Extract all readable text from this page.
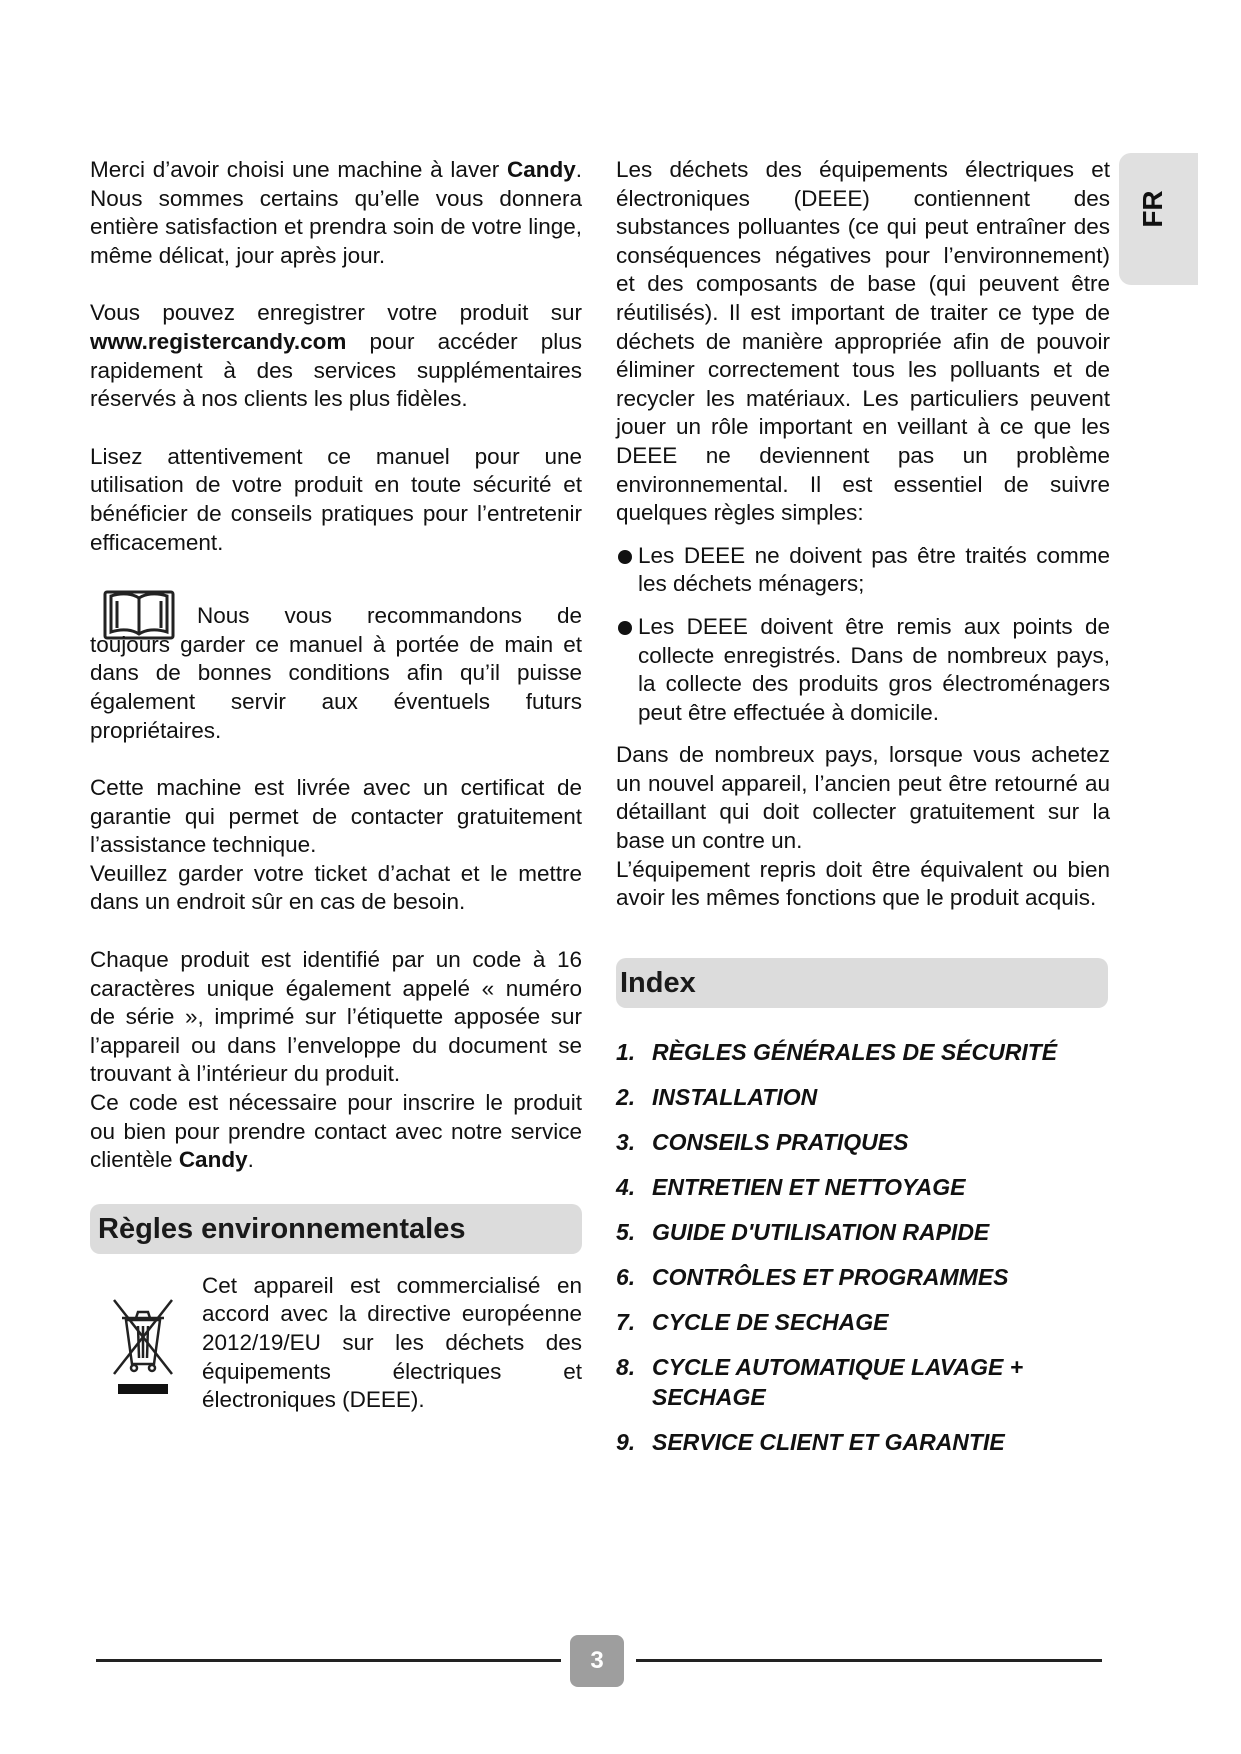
FR

Merci d’avoir choisi une machine à laver Candy. Nous sommes certains qu’elle vous donnera entière satisfaction et prendra soin de votre linge, même délicat, jour après jour.

Vous pouvez enregistrer votre produit sur www.registercandy.com pour accéder plus rapidement à des services supplémentaires réservés à nos clients les plus fidèles.

Lisez attentivement ce manuel pour une utilisation de votre produit en toute sécurité et bénéficier de conseils pratiques pour l’entretenir efficacement.

Nous vous recommandons de toujours garder ce manuel à portée de main et dans de bonnes conditions afin qu’il puisse également servir aux éventuels futurs propriétaires.

Cette machine est livrée avec un certificat de garantie qui permet de contacter gratuitement l’assistance technique.

Veuillez garder votre ticket d’achat et le mettre dans un endroit sûr en cas de besoin.

Chaque produit est identifié par un code à 16 caractères unique également appelé « numéro de série », imprimé sur l’étiquette apposée sur l’appareil ou dans l’enveloppe du document se trouvant à l’intérieur du produit.

Ce code est nécessaire pour inscrire le produit ou bien pour prendre contact avec notre service clientèle Candy.

Règles environnementales

Cet appareil est commercialisé en accord avec la directive européenne 2012/19/EU sur les déchets des équipements électriques et électroniques (DEEE).

Les déchets des équipements électriques et électroniques (DEEE) contiennent des substances polluantes (ce qui peut entraîner des conséquences négatives pour l’environnement) et des composants de base (qui peuvent être réutilisés). Il est important de traiter ce type de déchets de manière appropriée afin de pouvoir éliminer correctement tous les polluants et de recycler les matériaux. Les particuliers peuvent jouer un rôle important en veillant à ce que les DEEE ne deviennent pas un problème environnemental. Il est essentiel de suivre quelques règles simples:

Les DEEE ne doivent pas être traités comme les déchets ménagers;

Les DEEE doivent être remis aux points de collecte enregistrés. Dans de nombreux pays, la collecte des produits gros électroménagers peut être effectuée à domicile.

Dans de nombreux pays, lorsque vous achetez un nouvel appareil, l’ancien peut être retourné au détaillant qui doit collecter gratuitement sur la base un contre un.

L’équipement repris doit être équivalent ou bien avoir les mêmes fonctions que le produit acquis.

Index
1. RÈGLES GÉNÉRALES DE SÉCURITÉ
2. INSTALLATION
3. CONSEILS PRATIQUES
4. ENTRETIEN ET NETTOYAGE
5. GUIDE D'UTILISATION RAPIDE
6. CONTRÔLES ET PROGRAMMES
7. CYCLE DE SECHAGE
8. CYCLE AUTOMATIQUE LAVAGE + SECHAGE
9. SERVICE CLIENT ET GARANTIE
3
